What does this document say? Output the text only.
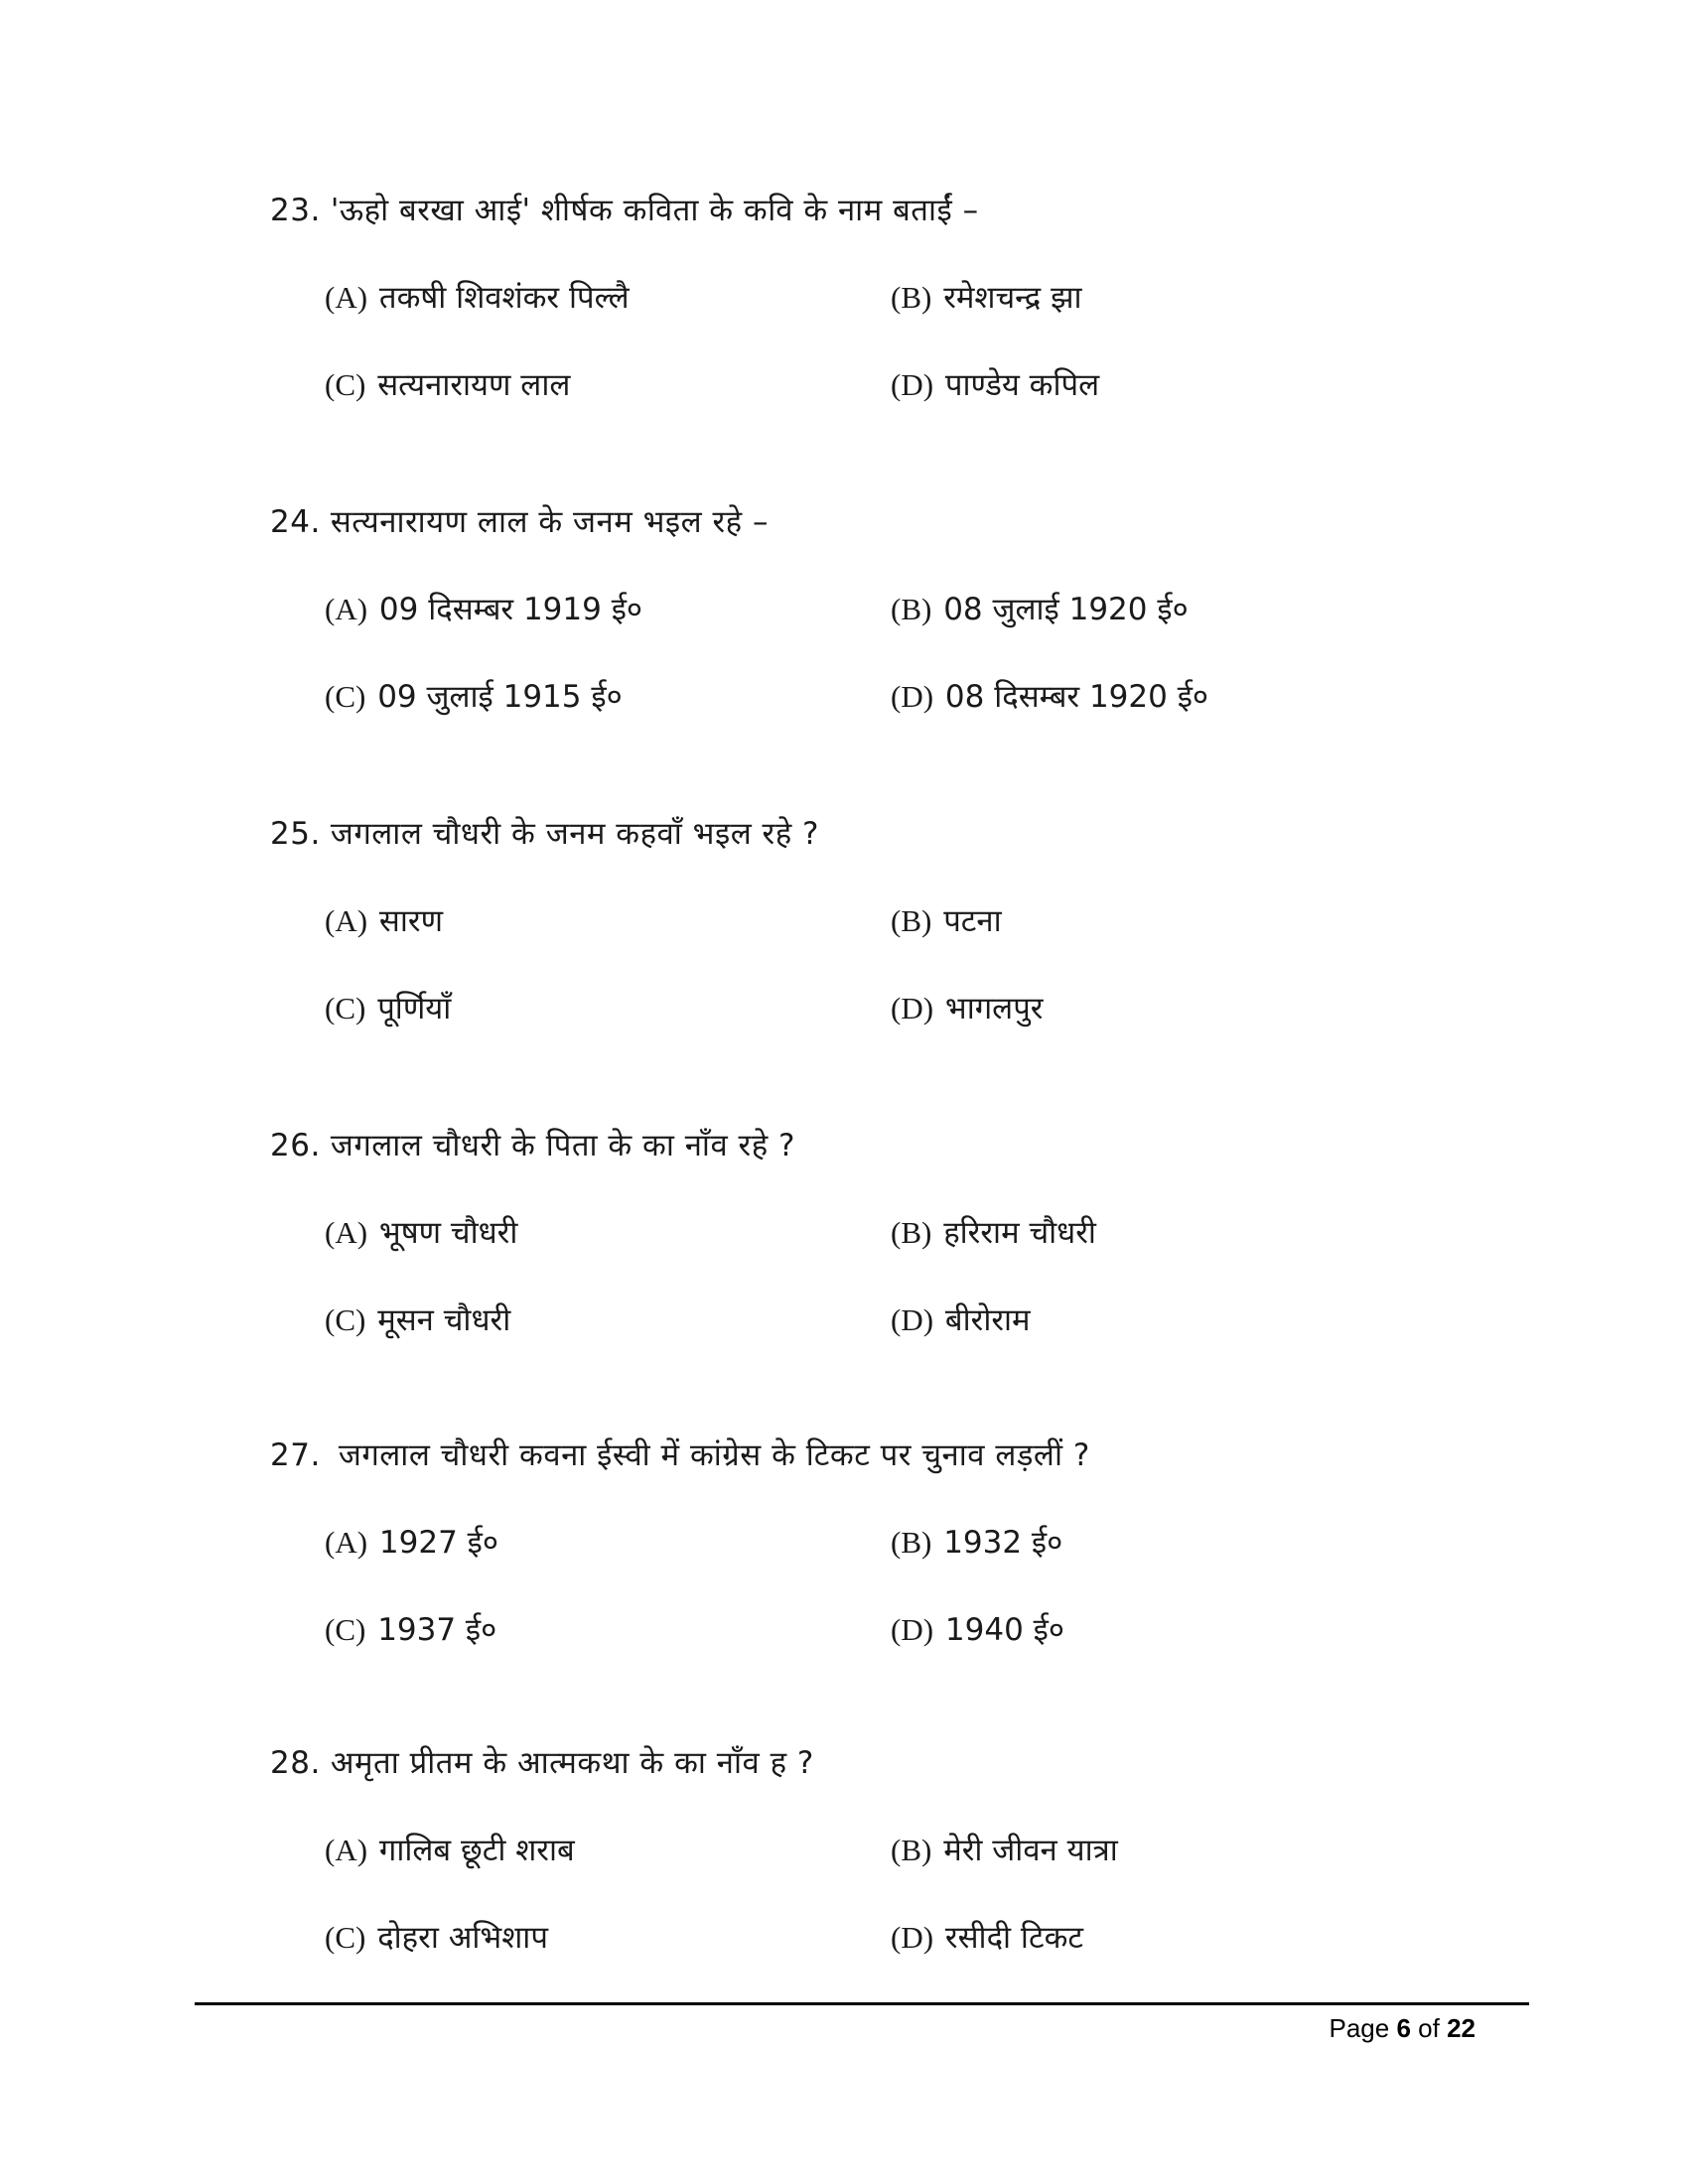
23. 'ऊहो बरखा आई' शीर्षक कविता के कवि के नाम बताईं –
(A) तकषी शिवशंकर पिल्लै	(B) रमेशचन्द्र झा
(C) सत्यनारायण लाल	(D) पाण्डेय कपिल
24. सत्यनारायण लाल के जनम भइल रहे –
(A) 09 दिसम्बर 1919 ई०	(B) 08 जुलाई 1920 ई०
(C) 09 जुलाई 1915 ई०	(D) 08 दिसम्बर 1920 ई०
25. जगलाल चौधरी के जनम कहवाँ भइल रहे ?
(A) सारण	(B) पटना
(C) पूर्णियाँ	(D) भागलपुर
26. जगलाल चौधरी के पिता के का नाँव रहे ?
(A) भूषण चौधरी	(B) हरिराम चौधरी
(C) मूसन चौधरी	(D) बीरोराम
27. जगलाल चौधरी कवना ईस्वी में कांग्रेस के टिकट पर चुनाव लड़लीं ?
(A) 1927 ई०	(B) 1932 ई०
(C) 1937 ई०	(D) 1940 ई०
28. अमृता प्रीतम के आत्मकथा के का नाँव ह ?
(A) गालिब छूटी शराब	(B) मेरी जीवन यात्रा
(C) दोहरा अभिशाप	(D) रसीदी टिकट
Page 6 of 22
